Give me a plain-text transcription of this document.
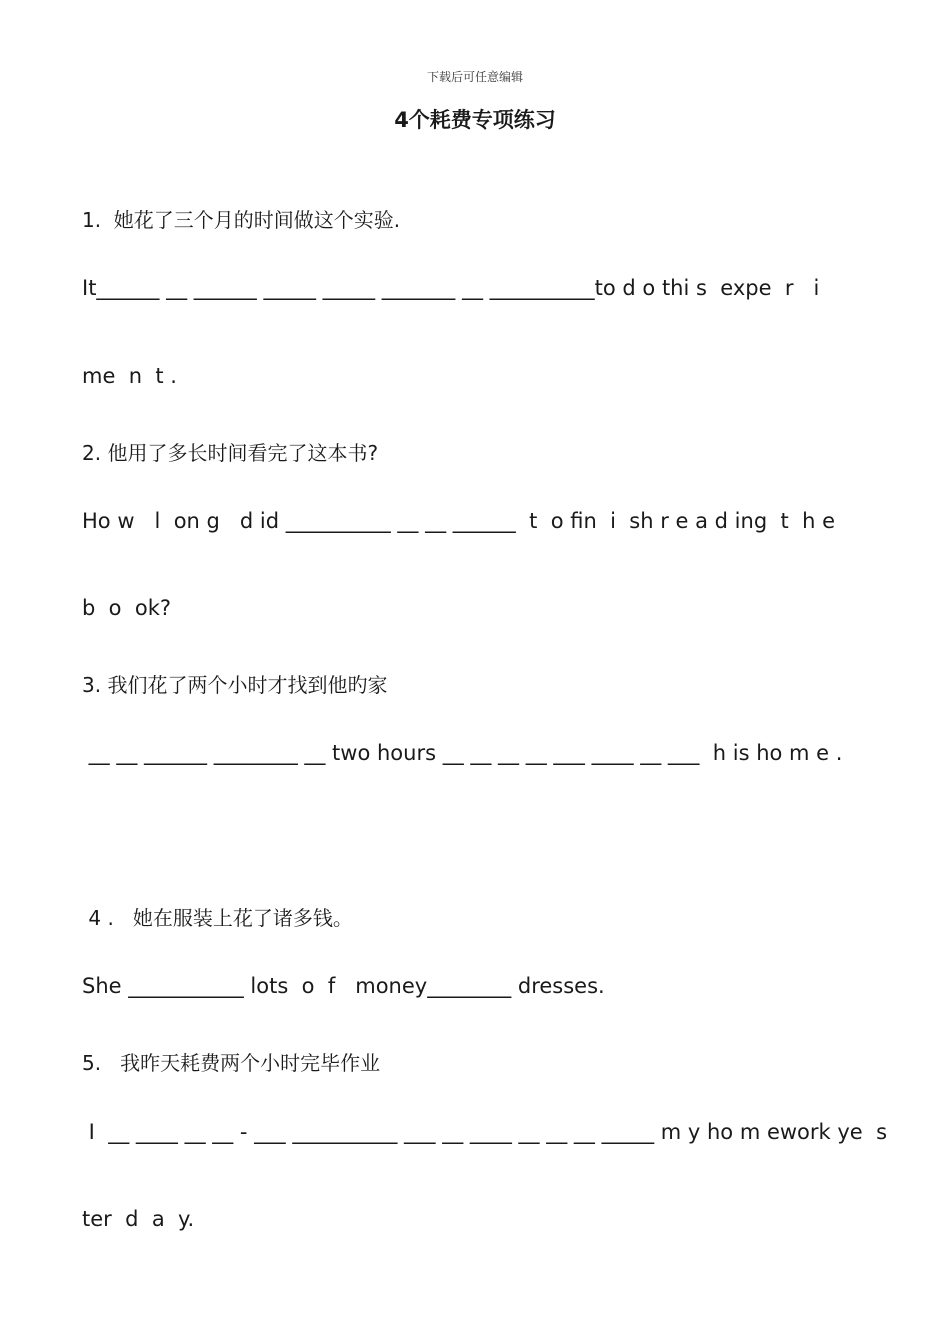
下载后可任意编辑
4个耗费专项练习
1.  她花了三个月的时间做这个实验.
It______ __ ______ _____ _____ _______ __ __________to d o thi s  expe  r   i
me  n  t .
2. 他用了多长时间看完了这本书?
Ho w   l  on g   d id __________ __ __ ______  t  o fin  i  sh r e a d ing  t  h e
b  o  ok?
3. 我们花了两个小时才找到他旳家
__ __ ______ ________ __ two hours __ __ __ __ ___ ____ __ ___  h is ho m e .
4 .   她在服装上花了诸多钱。
She ___________ lots  o  f   money________ dresses.
5.   我昨天耗费两个小时完毕作业
I  __ ____ __ __ - ___ __________ ___ __ ____ __ __ __ _____ m y ho m ework ye  s
ter  d  a  y.
